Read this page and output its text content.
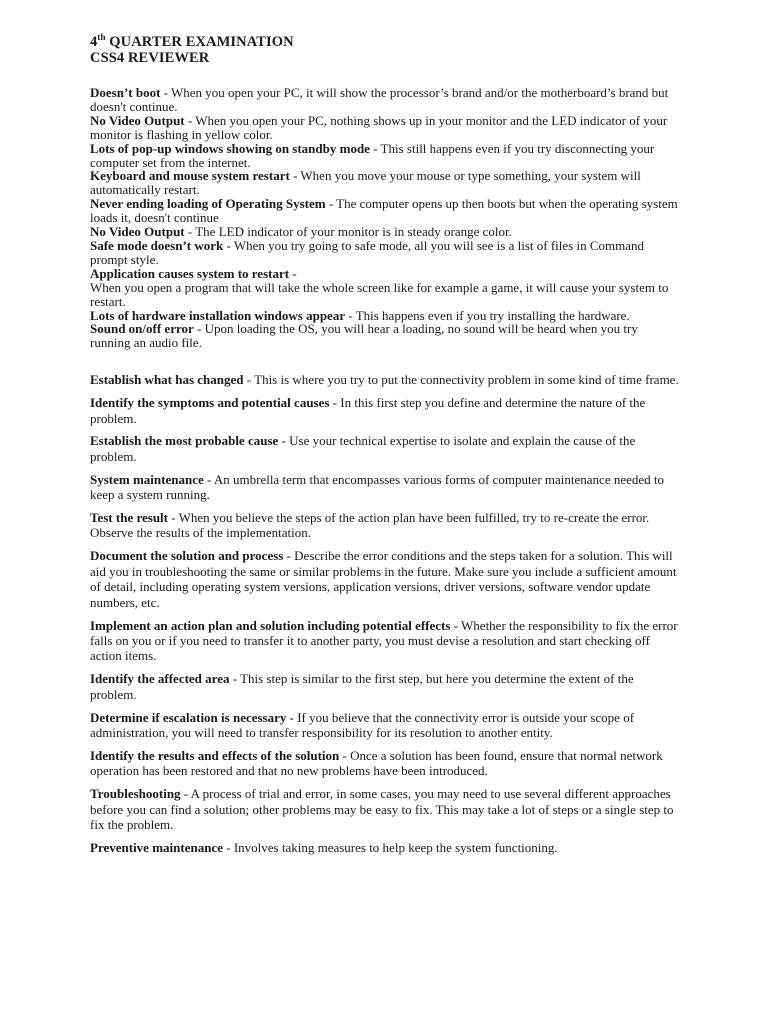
4th QUARTER EXAMINATION
CSS4 REVIEWER

Doesn’t boot - When you open your PC, it will show the processor’s brand and/or the motherboard’s brand but doesn't continue.

No Video Output - When you open your PC, nothing shows up in your monitor and the LED indicator of your monitor is flashing in yellow color.

Lots of pop-up windows showing on standby mode - This still happens even if you try disconnecting your computer set from the internet.

Keyboard and mouse system restart - When you move your mouse or type something, your system will automatically restart.

Never ending loading of Operating System - The computer opens up then boots but when the operating system loads it, doesn't continue

No Video Output - The LED indicator of your monitor is in steady orange color.

Safe mode doesn’t work - When you try going to safe mode, all you will see is a list of files in Command prompt style.

Application causes system to restart -
When you open a program that will take the whole screen like for example a game, it will cause your system to restart.

Lots of hardware installation windows appear - This happens even if you try installing the hardware.

Sound on/off error - Upon loading the OS, you will hear a loading, no sound will be heard when you try running an audio file.

Establish what has changed - This is where you try to put the connectivity problem in some kind of time frame.

Identify the symptoms and potential causes - In this first step you define and determine the nature of the problem.

Establish the most probable cause - Use your technical expertise to isolate and explain the cause of the problem.

System maintenance - An umbrella term that encompasses various forms of computer maintenance needed to keep a system running.

Test the result - When you believe the steps of the action plan have been fulfilled, try to re-create the error. Observe the results of the implementation.

Document the solution and process - Describe the error conditions and the steps taken for a solution. This will aid you in troubleshooting the same or similar problems in the future. Make sure you include a sufficient amount of detail, including operating system versions, application versions, driver versions, software vendor update numbers, etc.

Implement an action plan and solution including potential effects - Whether the responsibility to fix the error falls on you or if you need to transfer it to another party, you must devise a resolution and start checking off action items.

Identify the affected area - This step is similar to the first step, but here you determine the extent of the problem.

Determine if escalation is necessary - If you believe that the connectivity error is outside your scope of administration, you will need to transfer responsibility for its resolution to another entity.

Identify the results and effects of the solution - Once a solution has been found, ensure that normal network operation has been restored and that no new problems have been introduced.

Troubleshooting - A process of trial and error, in some cases, you may need to use several different approaches before you can find a solution; other problems may be easy to fix. This may take a lot of steps or a single step to fix the problem.

Preventive maintenance - Involves taking measures to help keep the system functioning.
